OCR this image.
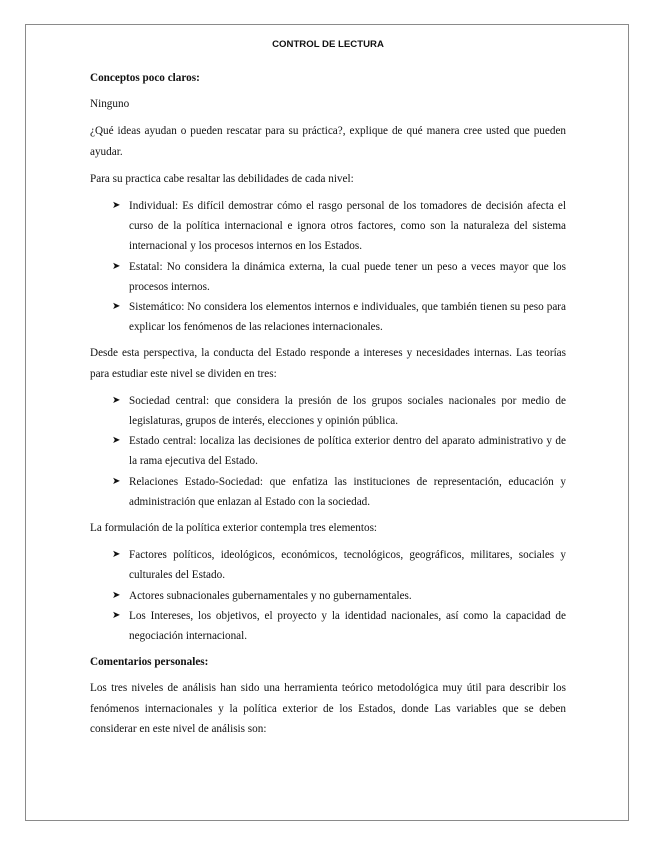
CONTROL DE LECTURA
Conceptos poco claros:

Ninguno

¿Qué ideas ayudan o pueden rescatar para su práctica?, explique de qué manera cree usted que pueden ayudar.

Para su practica cabe resaltar las debilidades de cada nivel:

➤ Individual: Es difícil demostrar cómo el rasgo personal de los tomadores de decisión afecta el curso de la política internacional e ignora otros factores, como son la naturaleza del sistema internacional y los procesos internos en los Estados.
➤ Estatal: No considera la dinámica externa, la cual puede tener un peso a veces mayor que los procesos internos.
➤ Sistemático: No considera los elementos internos e individuales, que también tienen su peso para explicar los fenómenos de las relaciones internacionales.

Desde esta perspectiva, la conducta del Estado responde a intereses y necesidades internas. Las teorías para estudiar este nivel se dividen en tres:

➤ Sociedad central: que considera la presión de los grupos sociales nacionales por medio de legislaturas, grupos de interés, elecciones y opinión pública.
➤ Estado central: localiza las decisiones de política exterior dentro del aparato administrativo y de la rama ejecutiva del Estado.
➤ Relaciones Estado-Sociedad: que enfatiza las instituciones de representación, educación y administración que enlazan al Estado con la sociedad.

La formulación de la política exterior contempla tres elementos:

➤ Factores políticos, ideológicos, económicos, tecnológicos, geográficos, militares, sociales y culturales del Estado.
➤ Actores subnacionales gubernamentales y no gubernamentales.
➤ Los Intereses, los objetivos, el proyecto y la identidad nacionales, así como la capacidad de negociación internacional.
Comentarios personales:

Los tres niveles de análisis han sido una herramienta teórico metodológica muy útil para describir los fenómenos internacionales y la política exterior de los Estados, donde Las variables que se deben considerar en este nivel de análisis son:
